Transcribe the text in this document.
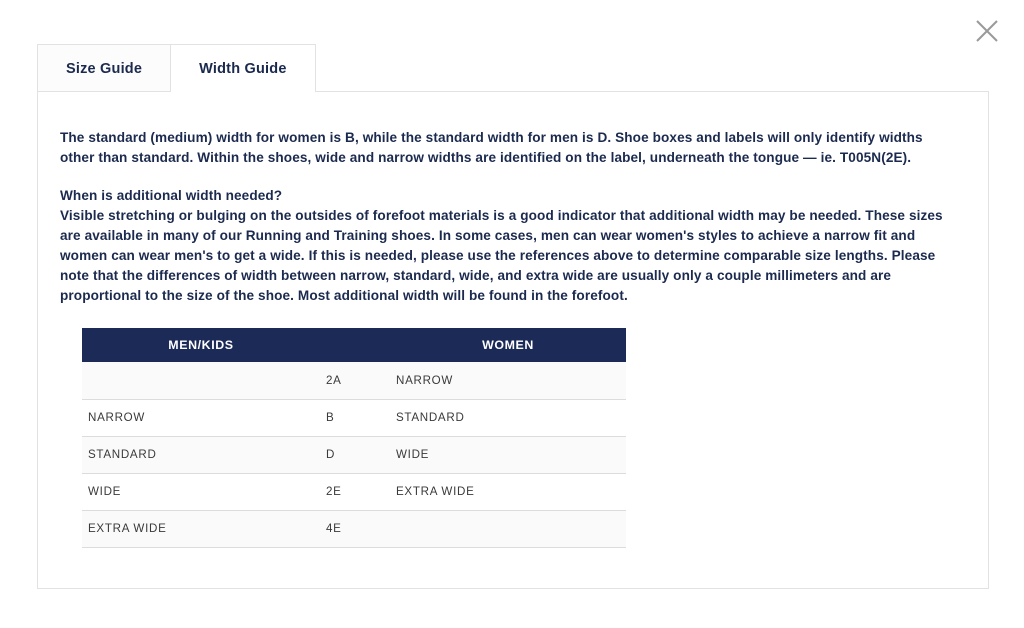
Size Guide	Width Guide

The standard (medium) width for women is B, while the standard width for men is D. Shoe boxes and labels will only identify widths other than standard. Within the shoes, wide and narrow widths are identified on the label, underneath the tongue — ie. T005N(2E).

When is additional width needed?
Visible stretching or bulging on the outsides of forefoot materials is a good indicator that additional width may be needed. These sizes are available in many of our Running and Training shoes. In some cases, men can wear women's styles to achieve a narrow fit and women can wear men's to get a wide. If this is needed, please use the references above to determine comparable size lengths. Please note that the differences of width between narrow, standard, wide, and extra wide are usually only a couple millimeters and are proportional to the size of the shoe. Most additional width will be found in the forefoot.

MEN/KIDS		WOMEN
	2A	NARROW
NARROW	B	STANDARD
STANDARD	D	WIDE
WIDE	2E	EXTRA WIDE
EXTRA WIDE	4E	
